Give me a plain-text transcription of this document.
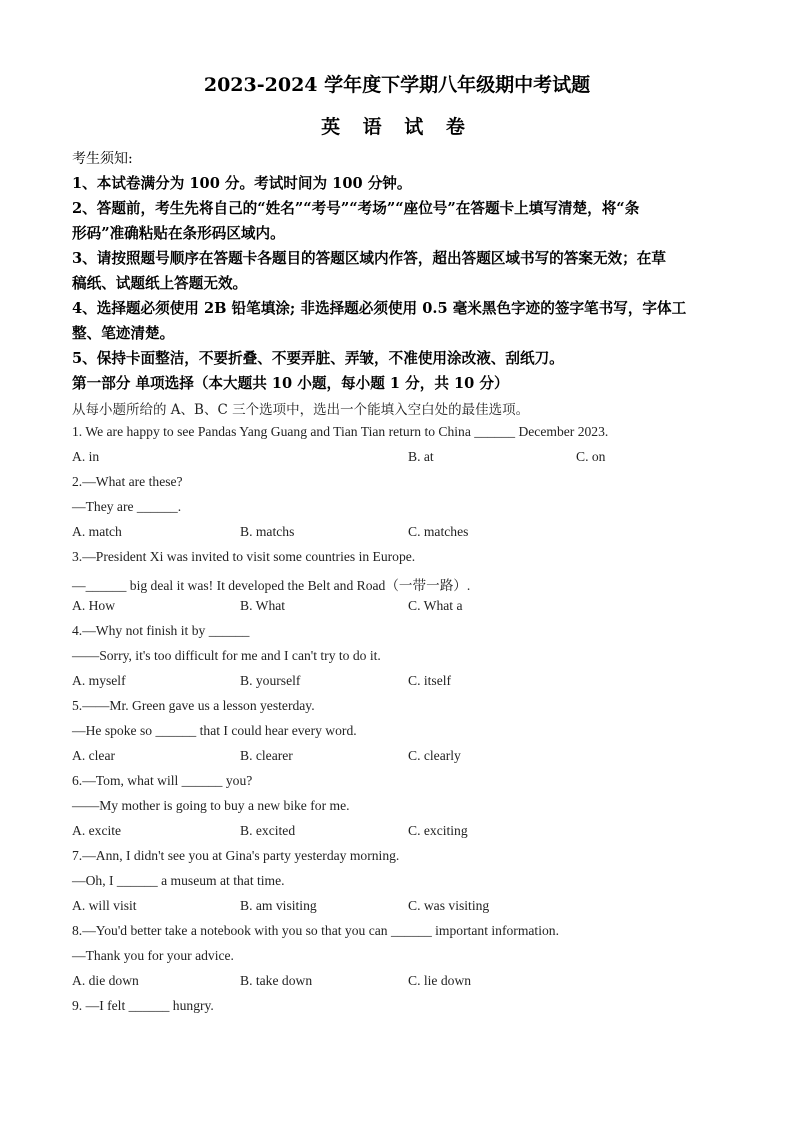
2023-2024 学年度下学期八年级期中考试题
英 语 试 卷
考生须知:
1、本试卷满分为 100 分。考试时间为 100 分钟。
2、答题前，考生先将自己的“姓名”“考号”“考场”“座位号”在答题卡上填写清楚，将“条
形码”准确粘贴在条形码区域内。
3、请按照题号顺序在答题卡各题目的答题区域内作答，超出答题区域书写的答案无效；在草
稿纸、试题纸上答题无效。
4、选择题必须使用 2B 铅笔填涂; 非选择题必须使用 0.5 毫米黑色字迹的签字笔书写，字体工
整、笔迹清楚。
5、保持卡面整洁，不要折叠、不要弄脏、弄皱，不准使用涂改液、刮纸刀。
第一部分 单项选择（本大题共 10 小题，每小题 1 分，共 10 分）
从每小题所给的 A、B、C 三个选项中，选出一个能填入空白处的最佳选项。
1. We are happy to see Pandas Yang Guang and Tian Tian return to China ______ December 2023.
A. in	B. at	C. on
2.—What are these?
—They are ______.
A. match	B. matchs	C. matches
3.—President Xi was invited to visit some countries in Europe.
—______ big deal it was! It developed the Belt and Road（一带一路）.
A. How	B. What	C. What a
4.—Why not finish it by ______
——Sorry, it's too difficult for me and I can't try to do it.
A. myself	B. yourself	C. itself
5.——Mr. Green gave us a lesson yesterday.
—He spoke so ______ that I could hear every word.
A. clear	B. clearer	C. clearly
6.—Tom, what will ______ you?
——My mother is going to buy a new bike for me.
A. excite	B. excited	C. exciting
7.—Ann, I didn't see you at Gina's party yesterday morning.
—Oh, I ______ a museum at that time.
A. will visit	B. am visiting	C. was visiting
8.—You'd better take a notebook with you so that you can ______ important information.
—Thank you for your advice.
A. die down	B. take down	C. lie down
9. —I felt ______ hungry.
